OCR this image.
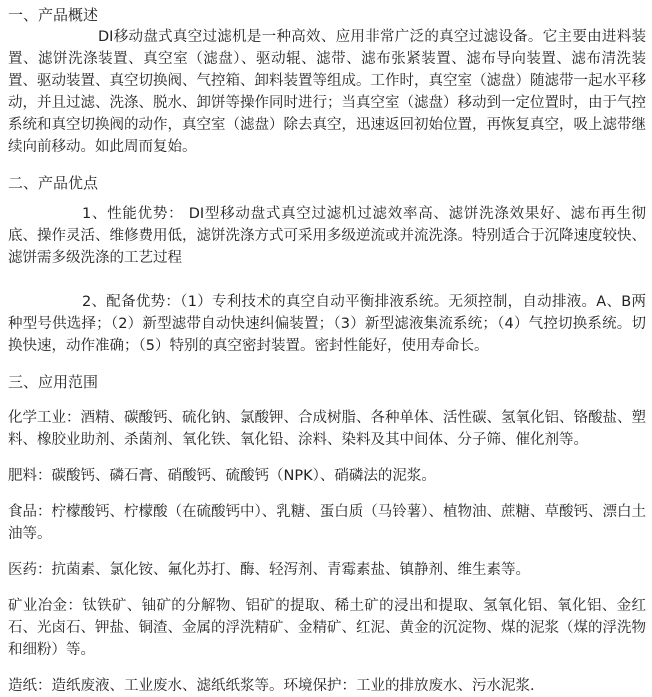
一、产品概述

DI移动盘式真空过滤机是一种高效、应用非常广泛的真空过滤设备。它主要由进料装置、滤饼洗涤装置、真空室（滤盘）、驱动辊、滤带、滤布张紧装置、滤布导向装置、滤布清洗装置、驱动装置、真空切换阀、气控箱、卸料装置等组成。工作时，真空室（滤盘）随滤带一起水平移动，并且过滤、洗涤、脱水、卸饼等操作同时进行；当真空室（滤盘）移动到一定位置时，由于气控系统和真空切换阀的动作，真空室（滤盘）除去真空，迅速返回初始位置，再恢复真空，吸上滤带继续向前移动。如此周而复始。

二、产品优点

1、性能优势： DI型移动盘式真空过滤机过滤效率高、滤饼洗涤效果好、滤布再生彻底、操作灵活、维修费用低，滤饼洗涤方式可采用多级逆流或并流洗涤。特别适合于沉降速度较快、滤饼需多级洗涤的工艺过程

2、配备优势：（1）专利技术的真空自动平衡排液系统。无须控制，自动排液。A、B两种型号供选择；（2）新型滤带自动快速纠偏装置；（3）新型滤液集流系统；（4）气控切换系统。切换快速，动作准确；（5）特别的真空密封装置。密封性能好，使用寿命长。

三、应用范围

化学工业：酒精、碳酸钙、硫化钠、氯酸钾、合成树脂、各种单体、活性碳、氢氧化铝、铬酸盐、塑料、橡胶业助剂、杀菌剂、氧化铁、氧化铅、涂料、染料及其中间体、分子筛、催化剂等。

肥料：碳酸钙、磷石膏、硝酸钙、硫酸钙（NPK）、硝磷法的泥浆。

食品：柠檬酸钙、柠檬酸（在硫酸钙中）、乳糖、蛋白质（马铃薯）、植物油、蔗糖、草酸钙、漂白土油等。

医药：抗菌素、氯化铵、氟化苏打、酶、轻泻剂、青霉素盐、镇静剂、维生素等。

矿业冶金：钛铁矿、铀矿的分解物、铝矿的提取、稀土矿的浸出和提取、氢氧化铝、氧化铝、金红石、光卤石、钾盐、铜渣、金属的浮洗精矿、金精矿、红泥、黄金的沉淀物、煤的泥浆（煤的浮洗物和细粉）等。

造纸：造纸废液、工业废水、滤纸纸浆等。环境保护：工业的排放废水、污水泥浆.
